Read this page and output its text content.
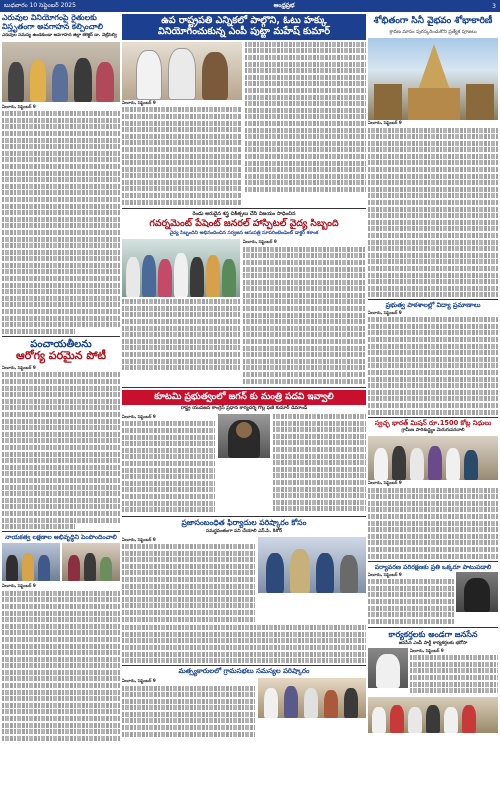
బుధవారం 10 సెప్టెంబర్ 2025	ఆంధ్రప్రభ	3
ఎరువుల వినియోగంపై రైతులకు
విస్తృతంగా అవగాహన కల్పించాలి
ఎరువుల సమస్య ఉండకుండా అవగాహన జిల్లా కలెక్టర్ డా. వెట్రిసెల్వి
ఏలూరు, సెప్టెంబర్ 9
పంచాయతీలను
ఆరోగ్య పరమైన పోటీ
ఏలూరు, సెప్టెంబర్ 9
నాయకత్వ లక్షణాల అభివృద్ధిని పెంపొందించాలి
ఏలూరు, సెప్టెంబర్ 9
ఉప రాష్ట్రపతి ఎన్నికలో పాల్గొని, ఓటు హక్కు
వినియోగించుకున్న ఎంపీ పుట్టా మహేష్ కుమార్
ఏలూరు, సెప్టెంబర్ 9
రెండు అరుదైన శస్త్ర చికిత్సలు చేసి విజయం సాధించిన
గవర్నమెంట్ పేషెంట్ జనరల్ హాస్పిటల్ వైద్య సిబ్బంది
వైద్య సిబ్బందిని అభినందించిన సర్వజన ఆసుపత్రి సూపరింటెండెంట్ డాక్టర్ శశాంక
ఏలూరు, సెప్టెంబర్ 9
కూటమి ప్రభుత్వంలో జగన్ కు మంత్రి పదవి ఇవ్వాలి
రాష్ట్ర యువజన కాంగ్రెస్ ప్రధాన కార్యదర్శి గొల్ల ఫణి కుమార్ డిమాండ్
ఏలూరు, సెప్టెంబర్ 9
ప్రజాసంబంధిత ఫిర్యాదుల పరిష్కారం కోసం
సమర్థవంతంగా పని చేయాలి ఎస్.పి. కిశోర్
ఏలూరు, సెప్టెంబర్ 9
మత్స్యకారులలో గ్రామసభలు సమస్యల పరిష్కారం
ఏలూరు, సెప్టెంబర్ 9
శోభితంగా సినీ వైభవం శోభాకారిణీ
శ్రావణ మాసం పురస్కరించుకొని ప్రత్యేక పూజలు
ఏలూరు, సెప్టెంబర్ 9
ప్రభుత్వ పాఠశాలల్లో విద్యా ప్రమాణాలు
ఏలూరు, సెప్టెంబర్ 9
స్వచ్ఛ భారత్ మిషన్ రూ.1500 కోట్ల నిధులు
గ్రామీణ పారిశుద్ధ్యం మెరుగుపరచాలి
ఏలూరు, సెప్టెంబర్ 9
పర్యావరణ పరిరక్షణకు ప్రతి ఒక్కరూ పాటుపడాలి
ఏలూరు, సెప్టెంబర్ 9
కార్యకర్తలకు అండగా జనసేన
జనసేన ఎంపీ పార్టీ కార్యకర్తలకు భరోసా
ఏలూరు, సెప్టెంబర్ 9
